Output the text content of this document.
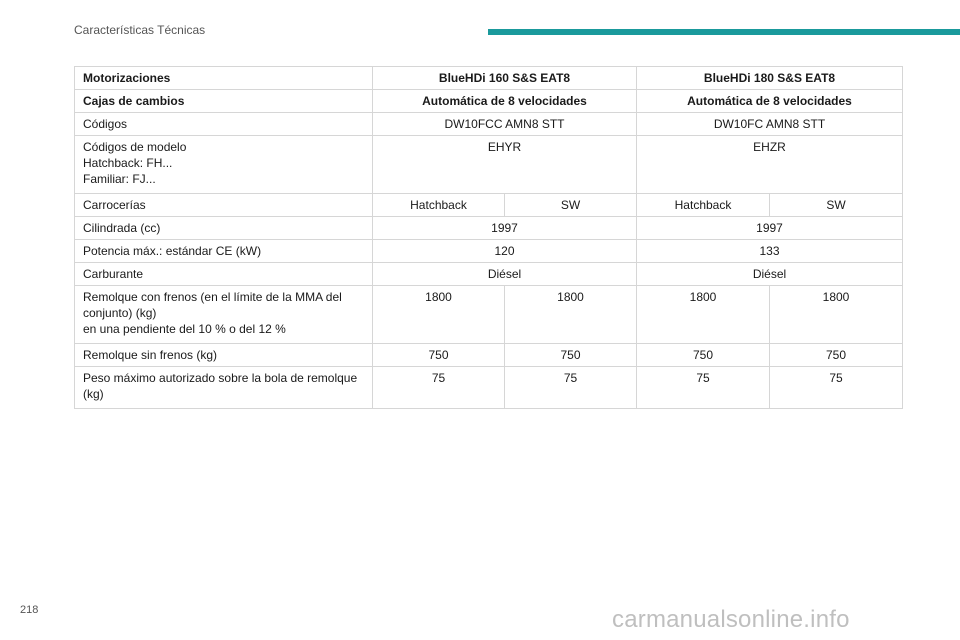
Características Técnicas
Motorizaciones	BlueHDi 160 S&S EAT8		BlueHDi 180 S&S EAT8	
Cajas de cambios	Automática de 8 velocidades		Automática de 8 velocidades	
Códigos	DW10FCC AMN8 STT		DW10FC AMN8 STT	

Códigos de modelo
Hatchback: FH...
Familiar: FJ...	EHYR		EHZR	
Carrocerías	Hatchback	SW	Hatchback	SW
Cilindrada (cc)	1997		1997	
Potencia máx.: estándar CE (kW)	120		133	
Carburante	Diésel		Diésel	

Remolque con frenos (en el límite de la MMA del
conjunto) (kg)
en una pendiente del 10 % o del 12 %	1800	1800	1800	1800
Remolque sin frenos (kg)	750	750	750	750

Peso máximo autorizado sobre la bola de remolque
(kg)	75	75	75	75
218	carmanualsonline.info
